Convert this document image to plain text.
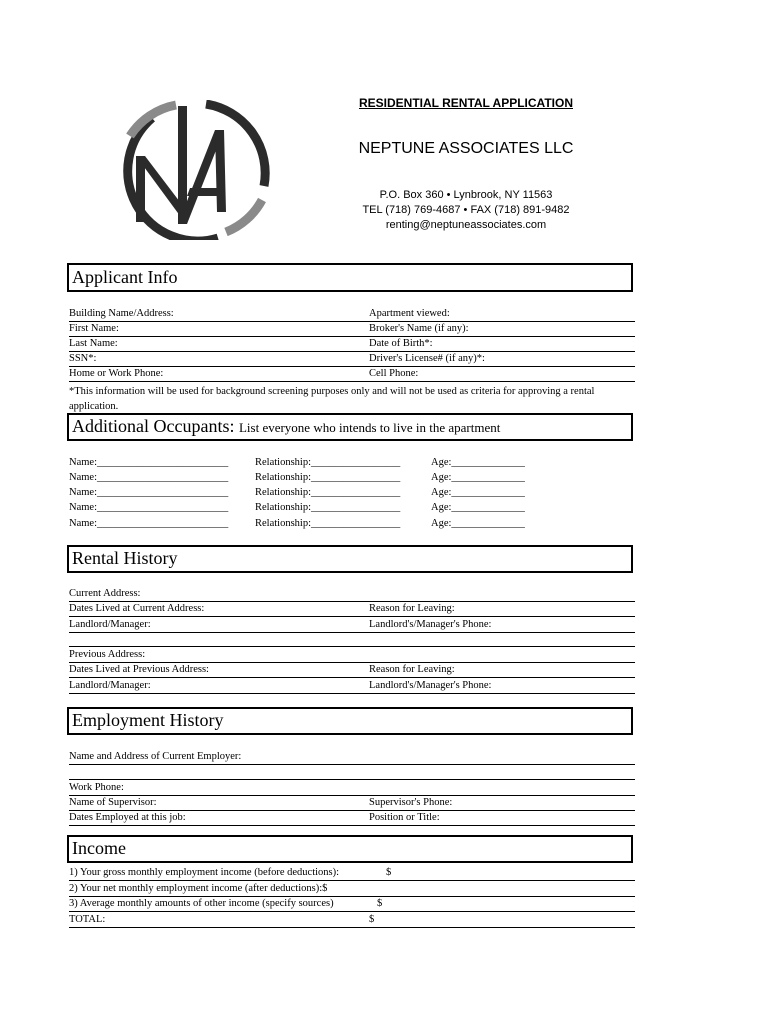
RESIDENTIAL RENTAL APPLICATION
NEPTUNE ASSOCIATES LLC
P.O. Box 360 • Lynbrook, NY 11563
TEL (718) 769-4687 • FAX (718) 891-9482
renting@neptuneassociates.com
Applicant Info
Building Name/Address:	Apartment viewed:
First Name:	Broker's Name (if any):
Last Name:	Date of Birth*:
SSN*:	Driver's License# (if any)*:
Home or Work Phone:	Cell Phone:
*This information will be used for background screening purposes only and will not be used as criteria for approving a rental application.
Additional Occupants: List everyone who intends to live in the apartment
Name:_________________________	Relationship:_________________	Age:______________
Name:_________________________	Relationship:_________________	Age:______________
Name:_________________________	Relationship:_________________	Age:______________
Name:_________________________	Relationship:_________________	Age:______________
Name:_________________________	Relationship:_________________	Age:______________
Rental History
Current Address:
Dates Lived at Current Address:	Reason for Leaving:
Landlord/Manager:	Landlord's/Manager's Phone:
Previous Address:
Dates Lived at Previous Address:	Reason for Leaving:
Landlord/Manager:	Landlord's/Manager's Phone:
Employment History
Name and Address of Current Employer:
Work Phone:
Name of Supervisor:	Supervisor's Phone:
Dates Employed at this job:	Position or Title:
Income
1) Your gross monthly employment income (before deductions):	$
2) Your net monthly employment income (after deductions):$
3) Average monthly amounts of other income (specify sources)	$
TOTAL:	$
